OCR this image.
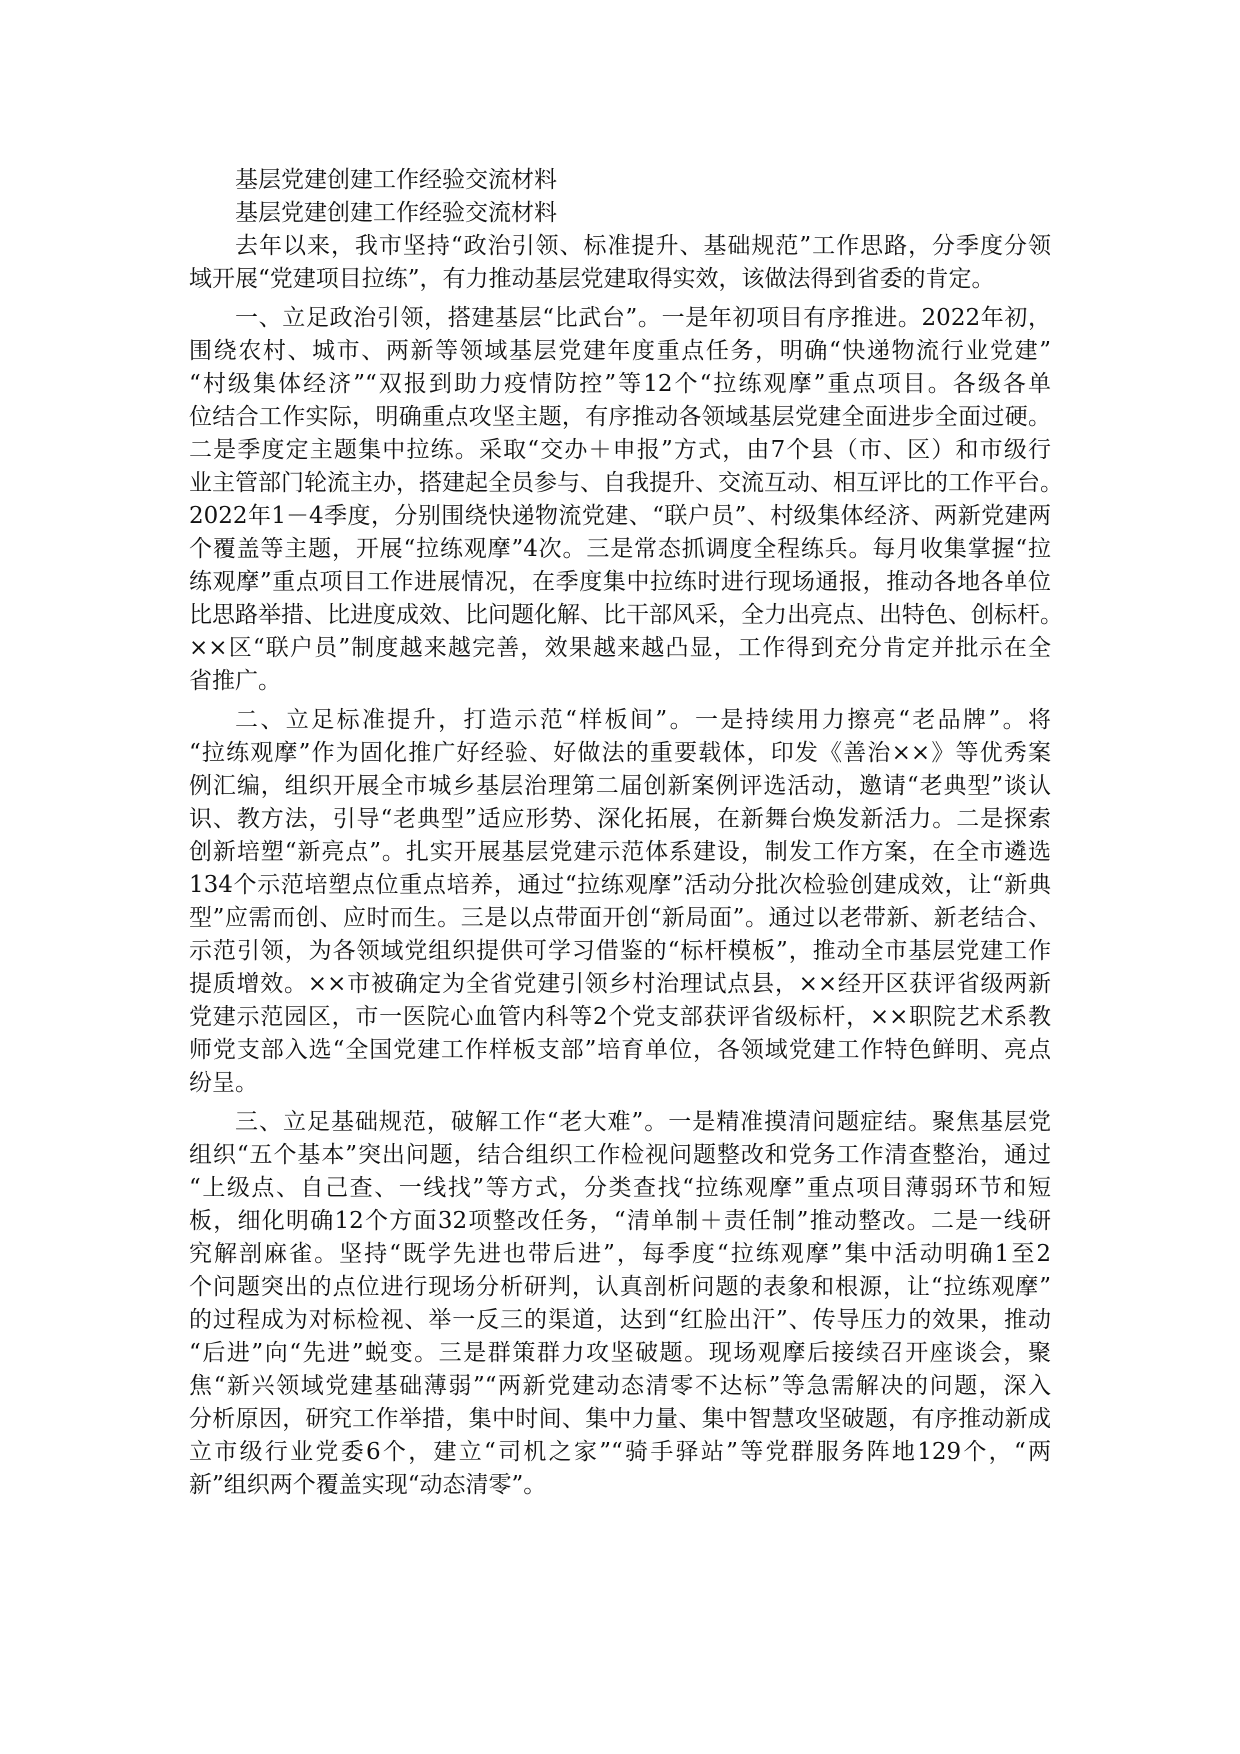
基层党建创建工作经验交流材料
基层党建创建工作经验交流材料
去年以来，我市坚持“政治引领、标准提升、基础规范”工作思路，分季度分领
域开展“党建项目拉练”，有力推动基层党建取得实效，该做法得到省委的肯定。
一、立足政治引领，搭建基层“比武台”。一是年初项目有序推进。2022年初，
围绕农村、城市、两新等领域基层党建年度重点任务，明确“快递物流行业党建”
“村级集体经济”“双报到助力疫情防控”等12个“拉练观摩”重点项目。各级各单
位结合工作实际，明确重点攻坚主题，有序推动各领域基层党建全面进步全面过硬。
二是季度定主题集中拉练。采取“交办＋申报”方式，由7个县（市、区）和市级行
业主管部门轮流主办，搭建起全员参与、自我提升、交流互动、相互评比的工作平台。
2022年1－4季度，分别围绕快递物流党建、“联户员”、村级集体经济、两新党建两
个覆盖等主题，开展“拉练观摩”4次。三是常态抓调度全程练兵。每月收集掌握“拉
练观摩”重点项目工作进展情况，在季度集中拉练时进行现场通报，推动各地各单位
比思路举措、比进度成效、比问题化解、比干部风采，全力出亮点、出特色、创标杆。
××区“联户员”制度越来越完善，效果越来越凸显，工作得到充分肯定并批示在全
省推广。
二、立足标准提升，打造示范“样板间”。一是持续用力擦亮“老品牌”。将
“拉练观摩”作为固化推广好经验、好做法的重要载体，印发《善治××》等优秀案
例汇编，组织开展全市城乡基层治理第二届创新案例评选活动，邀请“老典型”谈认
识、教方法，引导“老典型”适应形势、深化拓展，在新舞台焕发新活力。二是探索
创新培塑“新亮点”。扎实开展基层党建示范体系建设，制发工作方案，在全市遴选
134个示范培塑点位重点培养，通过“拉练观摩”活动分批次检验创建成效，让“新典
型”应需而创、应时而生。三是以点带面开创“新局面”。通过以老带新、新老结合、
示范引领，为各领域党组织提供可学习借鉴的“标杆模板”，推动全市基层党建工作
提质增效。××市被确定为全省党建引领乡村治理试点县，××经开区获评省级两新
党建示范园区，市一医院心血管内科等2个党支部获评省级标杆，××职院艺术系教
师党支部入选“全国党建工作样板支部”培育单位，各领域党建工作特色鲜明、亮点
纷呈。
三、立足基础规范，破解工作“老大难”。一是精准摸清问题症结。聚焦基层党
组织“五个基本”突出问题，结合组织工作检视问题整改和党务工作清查整治，通过
“上级点、自己查、一线找”等方式，分类查找“拉练观摩”重点项目薄弱环节和短
板，细化明确12个方面32项整改任务，“清单制＋责任制”推动整改。二是一线研
究解剖麻雀。坚持“既学先进也带后进”，每季度“拉练观摩”集中活动明确1至2
个问题突出的点位进行现场分析研判，认真剖析问题的表象和根源，让“拉练观摩”
的过程成为对标检视、举一反三的渠道，达到“红脸出汗”、传导压力的效果，推动
“后进”向“先进”蜕变。三是群策群力攻坚破题。现场观摩后接续召开座谈会，聚
焦“新兴领域党建基础薄弱”“两新党建动态清零不达标”等急需解决的问题，深入
分析原因，研究工作举措，集中时间、集中力量、集中智慧攻坚破题，有序推动新成
立市级行业党委6个，建立“司机之家”“骑手驿站”等党群服务阵地129个，“两
新”组织两个覆盖实现“动态清零”。
